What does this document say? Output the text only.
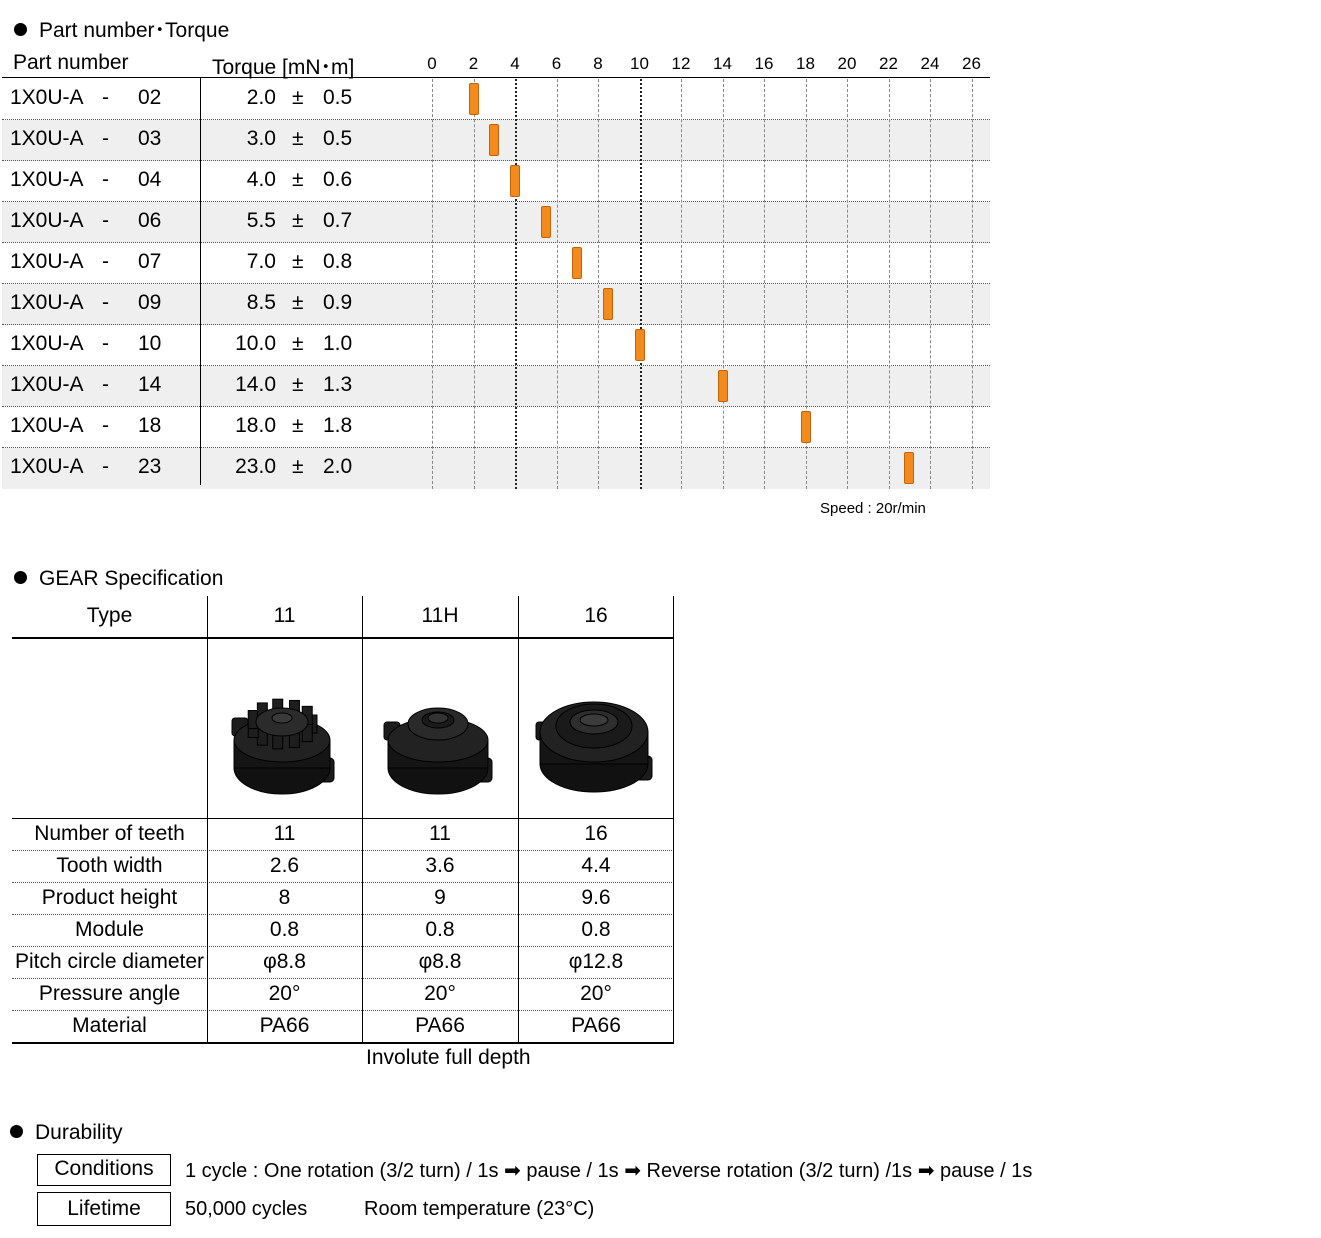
Part number･Torque
Part number	Torque [mN･m]	0	2	4	6	8	10	12	14	16	18	20	22	24	26
1X0U-A - 02	2.0 ± 0.5
1X0U-A - 03	3.0 ± 0.5
1X0U-A - 04	4.0 ± 0.6
1X0U-A - 06	5.5 ± 0.7
1X0U-A - 07	7.0 ± 0.8
1X0U-A - 09	8.5 ± 0.9
1X0U-A - 10	10.0 ± 1.0
1X0U-A - 14	14.0 ± 1.3
1X0U-A - 18	18.0 ± 1.8
1X0U-A - 23	23.0 ± 2.0
Speed : 20r/min
GEAR Specification
Type	11	11H	16
Number of teeth	11	11	16
Tooth width	2.6	3.6	4.4
Product height	8	9	9.6
Module	0.8	0.8	0.8
Pitch circle diameter	φ8.8	φ8.8	φ12.8
Pressure angle	20°	20°	20°
Material	PA66	PA66	PA66
Involute full depth
Durability
Conditions	1 cycle : One rotation (3/2 turn) / 1s ➡ pause / 1s ➡ Reverse rotation (3/2 turn) /1s ➡ pause / 1s
Lifetime	50,000 cycles	Room temperature (23°C)
